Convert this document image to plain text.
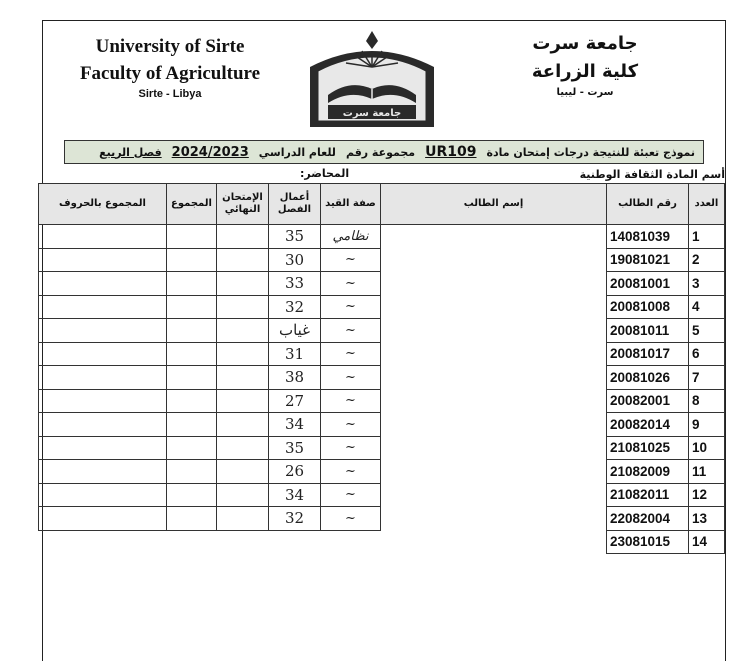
University of Sirte
Faculty of Agriculture
Sirte - Libya
جامعة سرت
كلية الزراعة
سرت - ليبيا
جامعة سرت
نموذج تعبئة للنتيجة درجات إمتحان مادة
UR109
مجموعة رقم
للعام الدراسي
2024/2023
فصل الربيع
أسم المادة الثقافة الوطنية
المحاضر:
المجموع بالحروف	المجموع	الإمتحان النهائي	أعمال الفصل	صفة القيد	إسم الطالب	رقم الطالب	العدد
			35	نظامي		14081039	1
			30	~		19081021	2
			33	~		20081001	3
			32	~		20081008	4
			غياب	~		20081011	5
			31	~		20081017	6
			38	~		20081026	7
			27	~		20082001	8
			34	~		20082014	9
			35	~		21081025	10
			26	~		21082009	11
			34	~		21082011	12
			32	~		22082004	13
						23081015	14
